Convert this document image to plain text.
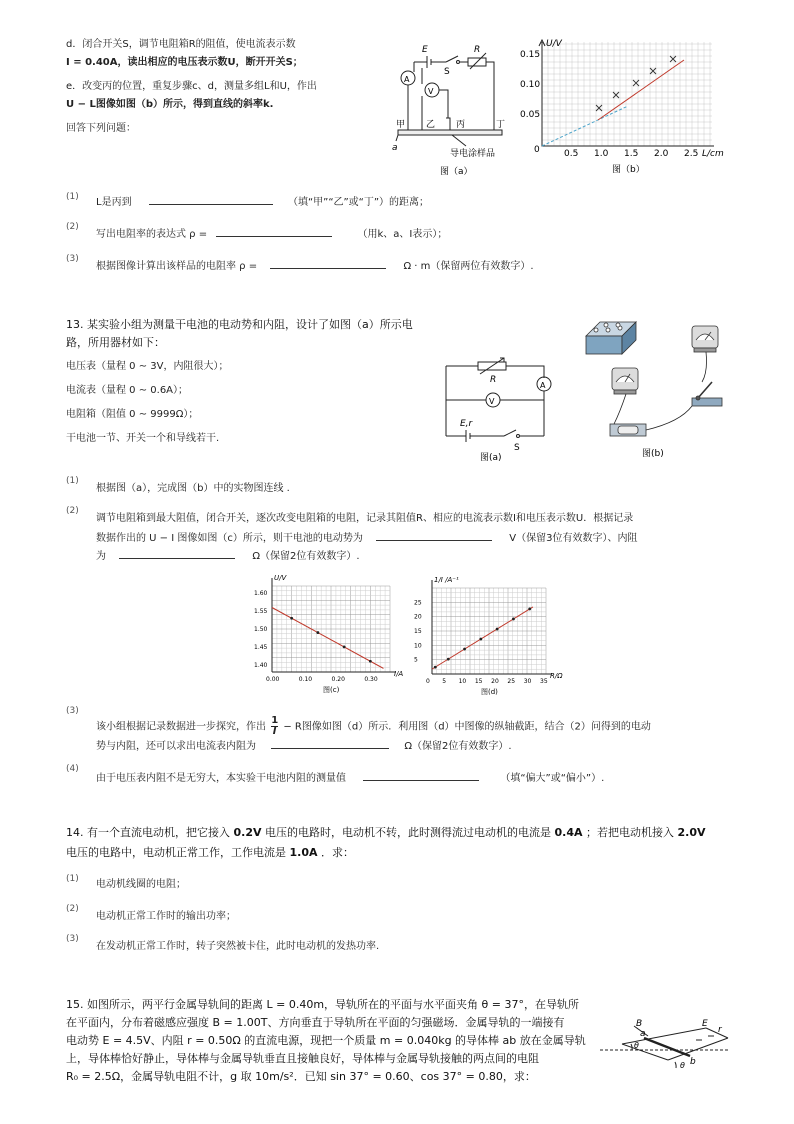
d．闭合开关S，调节电阻箱R的阻值，使电流表示数
I = 0.40A，读出相应的电压表示数U，断开开关S；
e．改变丙的位置，重复步骤c、d，测量多组L和U，作出
U − L图像如图（b）所示，得到直线的斜率k.
回答下列问题：
E
S
R
A
V
甲 乙 丙	丁
a
导电涂样品
图（a）
U/V
L/cm
0
0.05
0.10
0.15
0.5 1.0 1.5 2.0 2.5
图（b）
(1) L是丙到	（填“甲”“乙”或“丁”）的距离；
(2)
写出电阻率的表达式 ρ =	（用k、a、I表示）；
(3)
根据图像计算出该样品的电阻率 ρ =	Ω · m（保留两位有效数字）.
13. 某实验小组为测量干电池的电动势和内阻，设计了如图（a）所示电
路，所用器材如下：
电压表（量程 0 ∼ 3V，内阻很大）；
电流表（量程 0 ∼ 0.6A）；
电阻箱（阻值 0 ∼ 9999Ω）；
干电池一节、开关一个和导线若干.
R
A
V
E,r
S
图(a)	图(b)
(1)
根据图（a），完成图（b）中的实物图连线 .
(2)
调节电阻箱到最大阻值，闭合开关，逐次改变电阻箱的电阻，记录其阻值R、相应的电流表示数I和电压表示数U．根据记录
数据作出的 U − I 图像如图（c）所示，则干电池的电动势为	V（保留3位有效数字）、内阻
为	Ω（保留2位有效数字）.
0.00	0.10	0.20	0.30
1.40
1.45
1.50
1.55
1.60
U/V
I/A
图(c)
0 5 10 15 20 25 30 35
5
10
15
20
25
1/I /A⁻¹
R/Ω
图(d)
(3)
该小组根据记录数据进一步探究，作出 $\frac{1}{I} - R$图像如图（d）所示．利用图（d）中图像的纵轴截距，结合（2）问得到的电动
势与内阻，还可以求出电流表内阻为	Ω（保留2位有效数字）.
(4)
由于电压表内阻不是无穷大，本实验干电池内阻的测量值	（填“偏大”或“偏小”）.
14. 有一个直流电动机，把它接入 0.2V 电压的电路时，电动机不转，此时测得流过电动机的电流是 0.4A ；若把电动机接入 2.0V
电压的电路中，电动机正常工作，工作电流是 1.0A ．求：
(1) 电动机线圈的电阻；
(2)
电动机正常工作时的输出功率；
(3)
在发动机正常工作时，转子突然被卡住，此时电动机的发热功率.
15. 如图所示，两平行金属导轨间的距离 L = 0.40m，导轨所在的平面与水平面夹角 θ = 37°，在导轨所
在平面内，分布着磁感应强度 B = 1.00T、方向垂直于导轨所在平面的匀强磁场．金属导轨的一端接有
电动势 E = 4.5V、内阻 r = 0.50Ω 的直流电源，现把一个质量 m = 0.040kg 的导体棒 ab 放在金属导轨
上，导体棒恰好静止，导体棒与金属导轨垂直且接触良好，导体棒与金属导轨接触的两点间的电阻
R₀ = 2.5Ω，金属导轨电阻不计，g 取 10m/s²．已知 sin 37° = 0.60、cos 37° = 0.80，求：
B
a
b
E
r
θ
θ
